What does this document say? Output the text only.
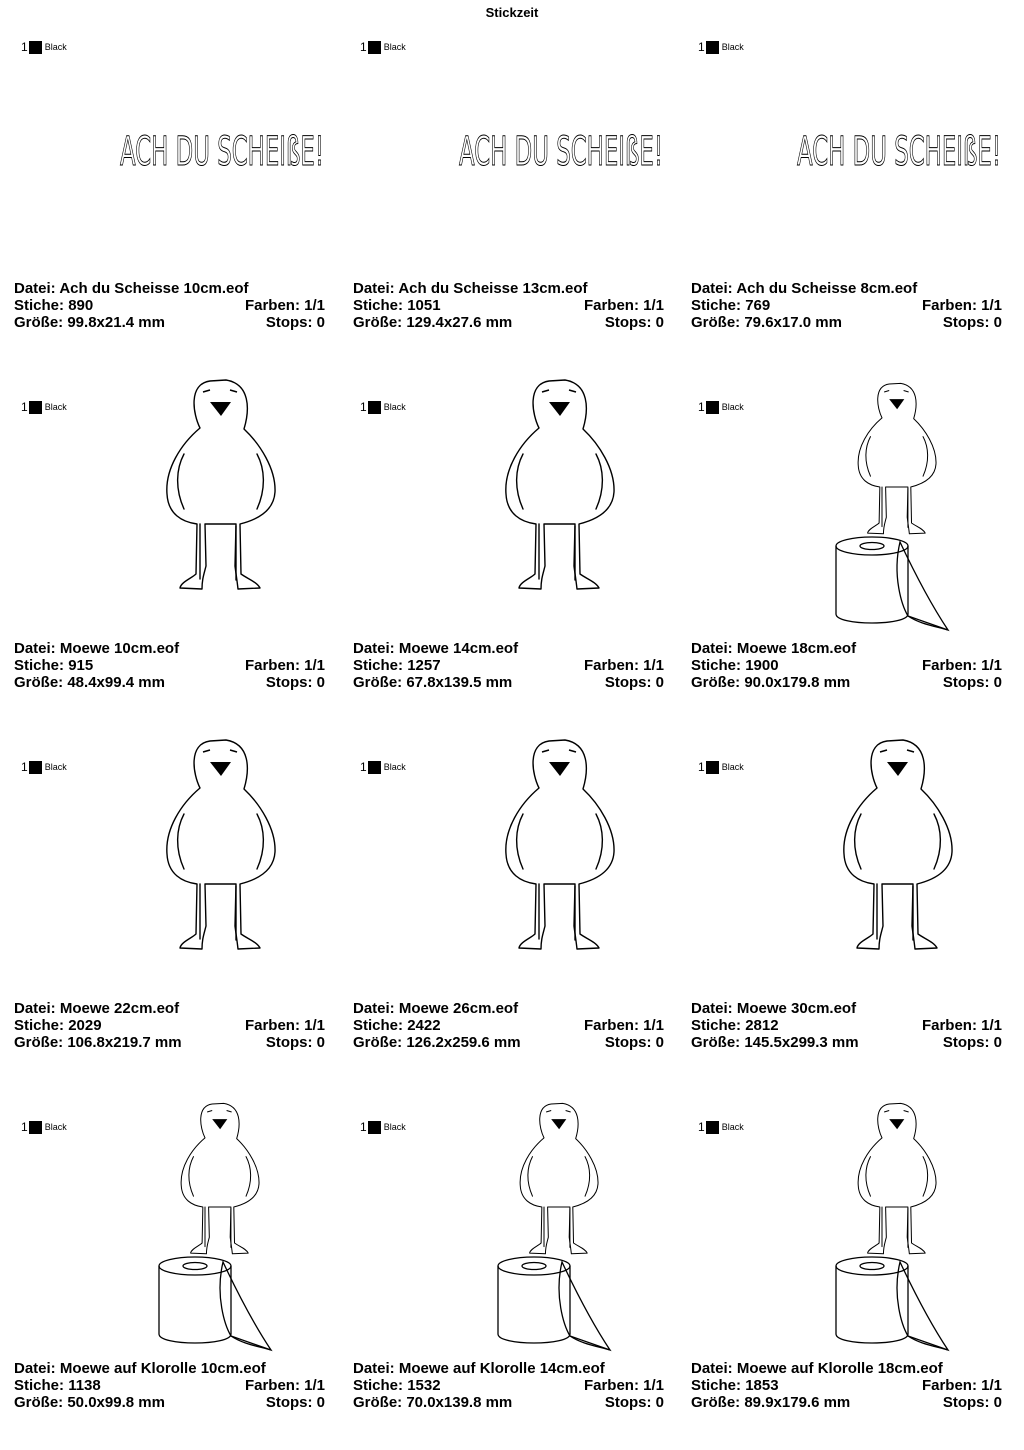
Stickzeit
ACH DU SCHEIßE!
1 Black
Datei: Ach du Scheisse 10cm.eof
Stiche: 890	Farben: 1/1
Größe: 99.8x21.4 mm	Stops: 0
ACH DU SCHEIßE!
1 Black
Datei: Ach du Scheisse 13cm.eof
Stiche: 1051	Farben: 1/1
Größe: 129.4x27.6 mm	Stops: 0
ACH DU SCHEIßE!
1 Black
Datei: Ach du Scheisse 8cm.eof
Stiche: 769	Farben: 1/1
Größe: 79.6x17.0 mm	Stops: 0
1 Black
Datei: Moewe 10cm.eof
Stiche: 915	Farben: 1/1
Größe: 48.4x99.4 mm	Stops: 0
1 Black
Datei: Moewe 14cm.eof
Stiche: 1257	Farben: 1/1
Größe: 67.8x139.5 mm	Stops: 0
1 Black
Datei: Moewe 18cm.eof
Stiche: 1900	Farben: 1/1
Größe: 90.0x179.8 mm	Stops: 0
1 Black
Datei: Moewe 22cm.eof
Stiche: 2029	Farben: 1/1
Größe: 106.8x219.7 mm	Stops: 0
1 Black
Datei: Moewe 26cm.eof
Stiche: 2422	Farben: 1/1
Größe: 126.2x259.6 mm	Stops: 0
1 Black
Datei: Moewe 30cm.eof
Stiche: 2812	Farben: 1/1
Größe: 145.5x299.3 mm	Stops: 0
1 Black
Datei: Moewe auf Klorolle 10cm.eof
Stiche: 1138	Farben: 1/1
Größe: 50.0x99.8 mm	Stops: 0
1 Black
Datei: Moewe auf Klorolle 14cm.eof
Stiche: 1532	Farben: 1/1
Größe: 70.0x139.8 mm	Stops: 0
1 Black
Datei: Moewe auf Klorolle 18cm.eof
Stiche: 1853	Farben: 1/1
Größe: 89.9x179.6 mm	Stops: 0
